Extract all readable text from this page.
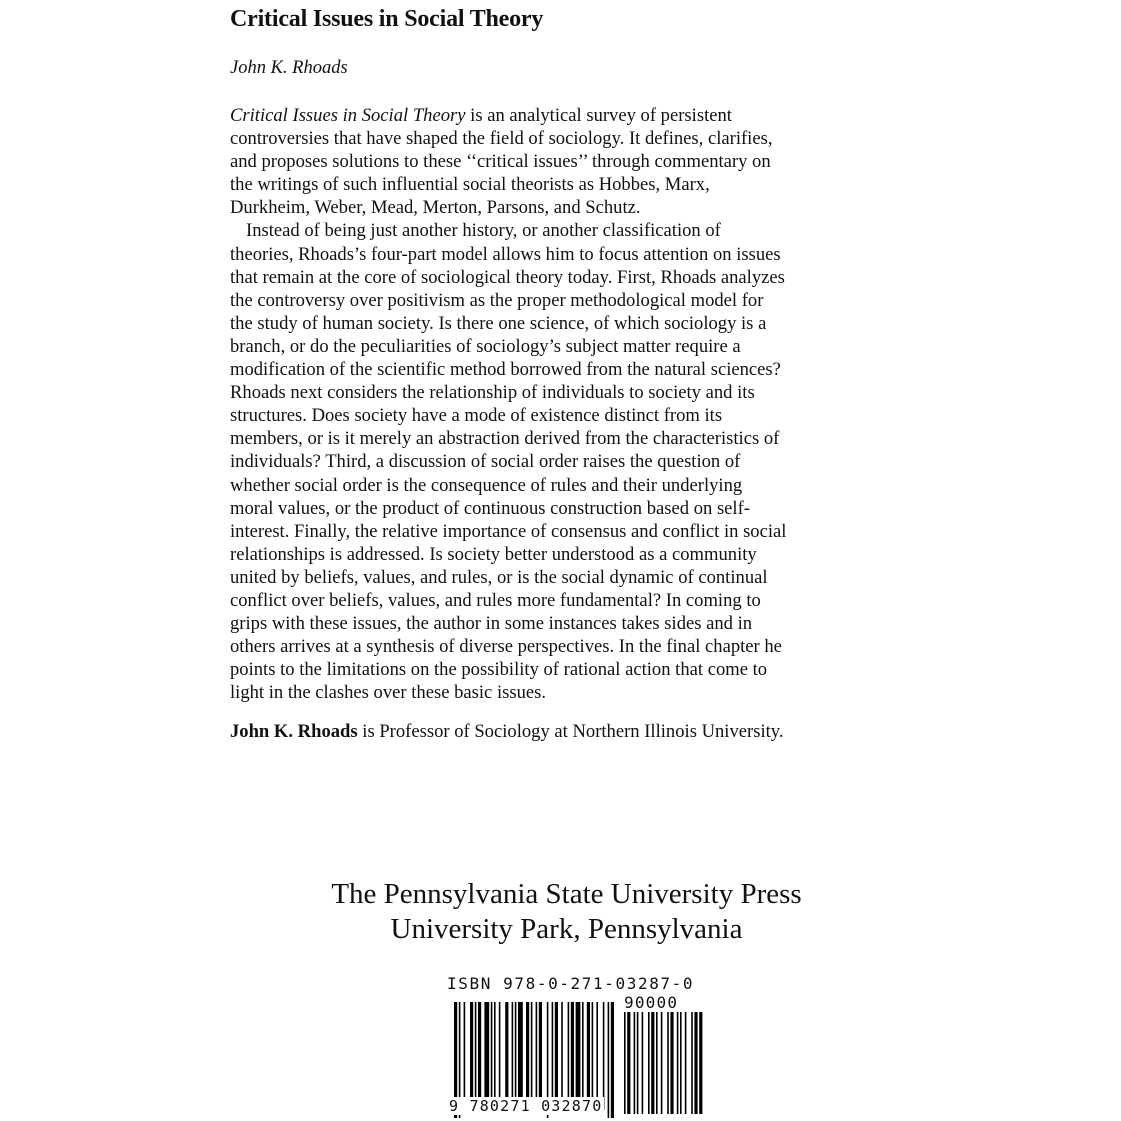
Critical Issues in Social Theory
John K. Rhoads
Critical Issues in Social Theory is an analytical survey of persistent
controversies that have shaped the field of sociology. It defines, clarifies,
and proposes solutions to these ‘‘critical issues’’ through commentary on
the writings of such influential social theorists as Hobbes, Marx,
Durkheim, Weber, Mead, Merton, Parsons, and Schutz.
Instead of being just another history, or another classification of
theories, Rhoads’s four-part model allows him to focus attention on issues
that remain at the core of sociological theory today. First, Rhoads analyzes
the controversy over positivism as the proper methodological model for
the study of human society. Is there one science, of which sociology is a
branch, or do the peculiarities of sociology’s subject matter require a
modification of the scientific method borrowed from the natural sciences?
Rhoads next considers the relationship of individuals to society and its
structures. Does society have a mode of existence distinct from its
members, or is it merely an abstraction derived from the characteristics of
individuals? Third, a discussion of social order raises the question of
whether social order is the consequence of rules and their underlying
moral values, or the product of continuous construction based on self-
interest. Finally, the relative importance of consensus and conflict in social
relationships is addressed. Is society better understood as a community
united by beliefs, values, and rules, or is the social dynamic of continual
conflict over beliefs, values, and rules more fundamental? In coming to
grips with these issues, the author in some instances takes sides and in
others arrives at a synthesis of diverse perspectives. In the final chapter he
points to the limitations on the possibility of rational action that come to
light in the clashes over these basic issues.
John K. Rhoads is Professor of Sociology at Northern Illinois University.
The Pennsylvania State University Press
University Park, Pennsylvania
ISBN 978-0-271-03287-0
90000
9 780271 032870
